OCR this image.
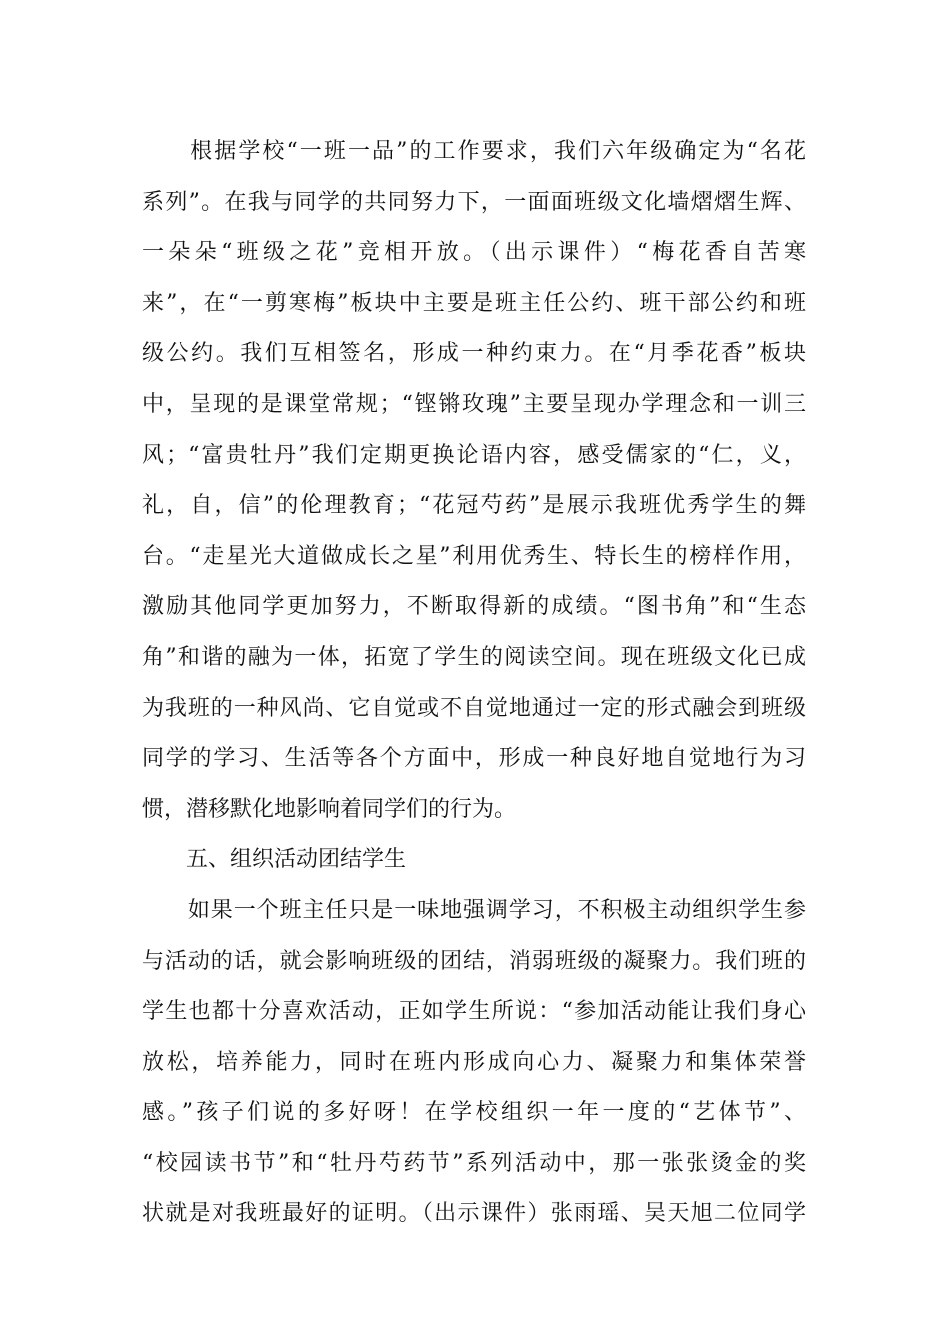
　　根据学校“一班一品”的工作要求，我们六年级确定为“名花
系列”。在我与同学的共同努力下，一面面班级文化墙熠熠生辉、
一朵朵“班级之花”竞相开放。（出示课件）“梅花香自苦寒
来”，在“一剪寒梅”板块中主要是班主任公约、班干部公约和班
级公约。我们互相签名，形成一种约束力。在“月季花香”板块
中，呈现的是课堂常规；“铿锵玫瑰”主要呈现办学理念和一训三
风；“富贵牡丹”我们定期更换论语内容，感受儒家的“仁，义，
礼，自，信”的伦理教育；“花冠芍药”是展示我班优秀学生的舞
台。“走星光大道做成长之星”利用优秀生、特长生的榜样作用，
激励其他同学更加努力，不断取得新的成绩。“图书角”和“生态
角”和谐的融为一体，拓宽了学生的阅读空间。现在班级文化已成
为我班的一种风尚、它自觉或不自觉地通过一定的形式融会到班级
同学的学习、生活等各个方面中，形成一种良好地自觉地行为习
惯，潜移默化地影响着同学们的行为。
　　五、组织活动团结学生
　　如果一个班主任只是一味地强调学习，不积极主动组织学生参
与活动的话，就会影响班级的团结，消弱班级的凝聚力。我们班的
学生也都十分喜欢活动，正如学生所说：“参加活动能让我们身心
放松，培养能力，同时在班内形成向心力、凝聚力和集体荣誉
感。”孩子们说的多好呀！在学校组织一年一度的“艺体节”、
“校园读书节”和“牡丹芍药节”系列活动中，那一张张烫金的奖
状就是对我班最好的证明。（出示课件）张雨瑶、吴天旭二位同学
